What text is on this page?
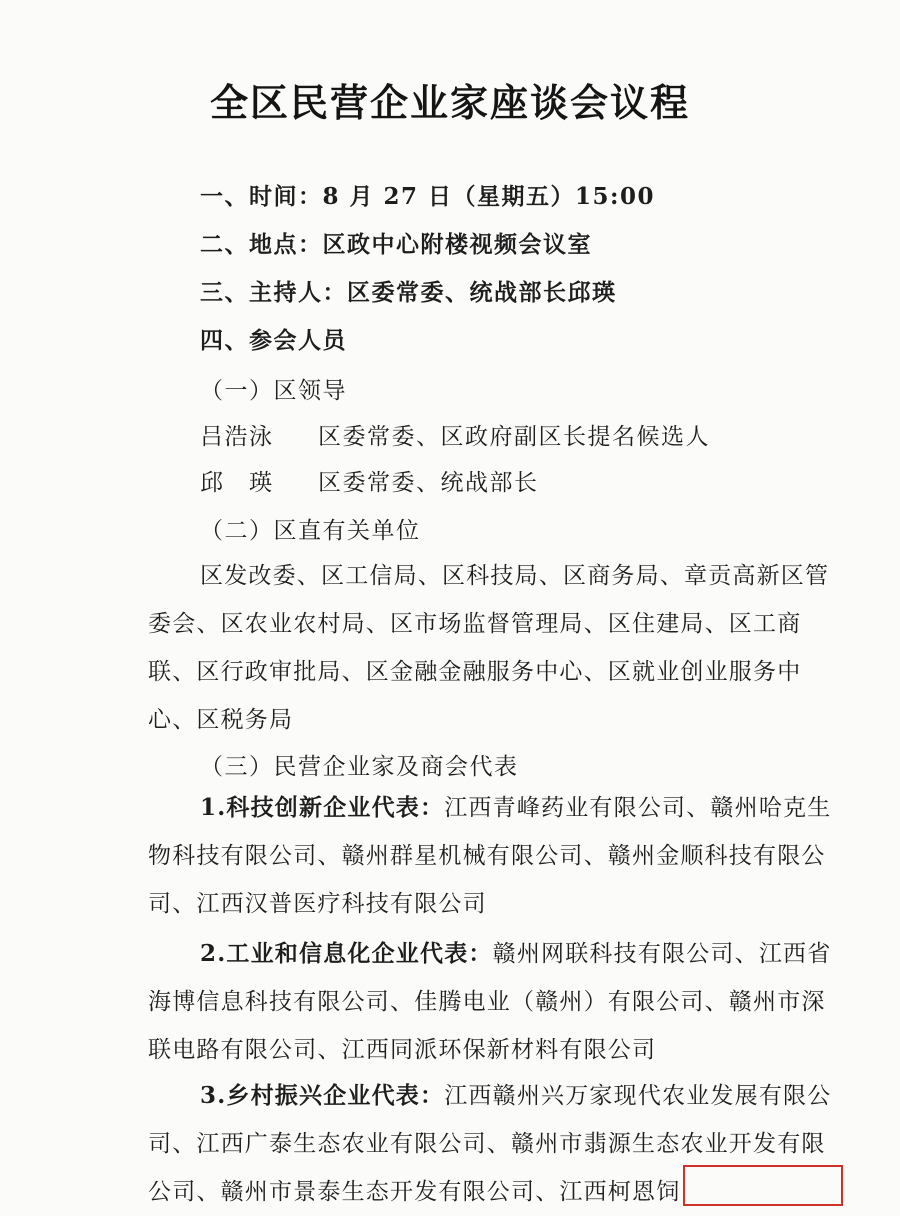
全区民营企业家座谈会议程
一、时间：8 月 27 日（星期五）15:00
二、地点：区政中心附楼视频会议室
三、主持人：区委常委、统战部长邱瑛
四、参会人员
（一）区领导
吕浩泳 区委常委、区政府副区长提名候选人
邱　瑛 区委常委、统战部长
（二）区直有关单位
区发改委、区工信局、区科技局、区商务局、章贡高新区管委会、区农业农村局、区市场监督管理局、区住建局、区工商联、区行政审批局、区金融金融服务中心、区就业创业服务中心、区税务局
（三）民营企业家及商会代表
1.科技创新企业代表：江西青峰药业有限公司、赣州哈克生物科技有限公司、赣州群星机械有限公司、赣州金顺科技有限公司、江西汉普医疗科技有限公司
2.工业和信息化企业代表：赣州网联科技有限公司、江西省海博信息科技有限公司、佳腾电业（赣州）有限公司、赣州市深联电路有限公司、江西同派环保新材料有限公司
3.乡村振兴企业代表：江西赣州兴万家现代农业发展有限公司、江西广泰生态农业有限公司、赣州市翡源生态农业开发有限公司、赣州市景泰生态开发有限公司、江西柯恩饲
